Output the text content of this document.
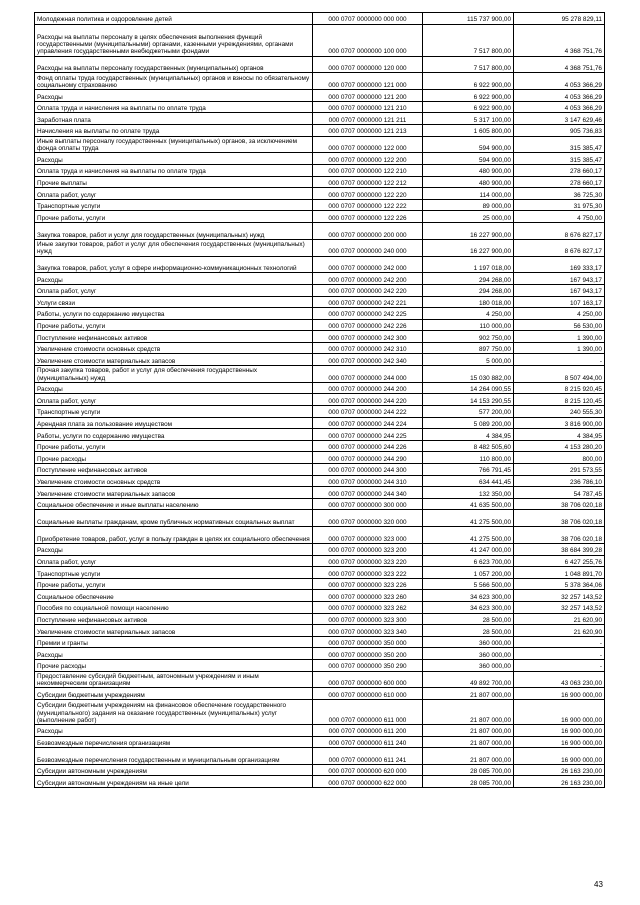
Молодежная политика и оздоровление детей	000 0707 0000000 000 000	115 737 900,00	95 278 829,11
Расходы на выплаты персоналу в целях обеспечения выполнения функций государственными (муниципальными) органами, казенными учреждениями, органами управления государственными внебюджетными фондами	000 0707 0000000 100 000	7 517 800,00	4 368 751,76
Расходы на выплаты персоналу государственных (муниципальных) органов	000 0707 0000000 120 000	7 517 800,00	4 368 751,76
Фонд оплаты труда государственных (муниципальных) органов и взносы по обязательному социальному страхованию	000 0707 0000000 121 000	6 922 900,00	4 053 366,29
Расходы	000 0707 0000000 121 200	6 922 900,00	4 053 366,29
Оплата труда и начисления на выплаты по оплате труда	000 0707 0000000 121 210	6 922 900,00	4 053 366,29
Заработная плата	000 0707 0000000 121 211	5 317 100,00	3 147 629,46
Начисления на выплаты по оплате труда	000 0707 0000000 121 213	1 605 800,00	905 736,83
Иные выплаты персоналу государственных (муниципальных) органов, за исключением фонда оплаты труда	000 0707 0000000 122 000	594 900,00	315 385,47
Расходы	000 0707 0000000 122 200	594 900,00	315 385,47
Оплата труда и начисления на выплаты по оплате труда	000 0707 0000000 122 210	480 900,00	278 660,17
Прочие выплаты	000 0707 0000000 122 212	480 900,00	278 660,17
Оплата работ, услуг	000 0707 0000000 122 220	114 000,00	36 725,30
Транспортные услуги	000 0707 0000000 122 222	89 000,00	31 975,30
Прочие работы, услуги	000 0707 0000000 122 226	25 000,00	4 750,00
Закупка товаров, работ и услуг для государственных (муниципальных) нужд	000 0707 0000000 200 000	16 227 900,00	8 676 827,17
Иные закупки товаров, работ и услуг для обеспечения государственных (муниципальных) нужд	000 0707 0000000 240 000	16 227 900,00	8 676 827,17
Закупка товаров, работ, услуг в сфере информационно-коммуникационных технологий	000 0707 0000000 242 000	1 197 018,00	169 333,17
Расходы	000 0707 0000000 242 200	294 268,00	167 943,17
Оплата работ, услуг	000 0707 0000000 242 220	294 268,00	167 943,17
Услуги связи	000 0707 0000000 242 221	180 018,00	107 163,17
Работы, услуги по содержанию имущества	000 0707 0000000 242 225	4 250,00	4 250,00
Прочие работы, услуги	000 0707 0000000 242 226	110 000,00	56 530,00
Поступление нефинансовых активов	000 0707 0000000 242 300	902 750,00	1 390,00
Увеличение стоимости основных средств	000 0707 0000000 242 310	897 750,00	1 390,00
Увеличение стоимости материальных запасов	000 0707 0000000 242 340	5 000,00	-
Прочая закупка товаров, работ и услуг для обеспечения государственных (муниципальных) нужд	000 0707 0000000 244 000	15 030 882,00	8 507 494,00
Расходы	000 0707 0000000 244 200	14 264 090,55	8 215 920,45
Оплата работ, услуг	000 0707 0000000 244 220	14 153 290,55	8 215 120,45
Транспортные услуги	000 0707 0000000 244 222	577 200,00	240 555,30
Арендная плата за пользование имуществом	000 0707 0000000 244 224	5 089 200,00	3 816 900,00
Работы, услуги по содержанию имущества	000 0707 0000000 244 225	4 384,95	4 384,95
Прочие работы, услуги	000 0707 0000000 244 226	8 482 505,60	4 153 280,20
Прочие расходы	000 0707 0000000 244 290	110 800,00	800,00
Поступление нефинансовых активов	000 0707 0000000 244 300	766 791,45	291 573,55
Увеличение стоимости основных средств	000 0707 0000000 244 310	634 441,45	236 786,10
Увеличение стоимости материальных запасов	000 0707 0000000 244 340	132 350,00	54 787,45
Социальное обеспечение и иные выплаты населению	000 0707 0000000 300 000	41 635 500,00	38 706 020,18
Социальные выплаты гражданам, кроме публичных нормативных социальных выплат	000 0707 0000000 320 000	41 275 500,00	38 706 020,18
Приобретение товаров, работ, услуг в пользу граждан в целях их социального обеспечения	000 0707 0000000 323 000	41 275 500,00	38 706 020,18
Расходы	000 0707 0000000 323 200	41 247 000,00	38 684 399,28
Оплата работ, услуг	000 0707 0000000 323 220	6 623 700,00	6 427 255,76
Транспортные услуги	000 0707 0000000 323 222	1 057 200,00	1 048 891,70
Прочие работы, услуги	000 0707 0000000 323 226	5 566 500,00	5 378 364,06
Социальное обеспечение	000 0707 0000000 323 260	34 623 300,00	32 257 143,52
Пособия по социальной помощи населению	000 0707 0000000 323 262	34 623 300,00	32 257 143,52
Поступление нефинансовых активов	000 0707 0000000 323 300	28 500,00	21 620,90
Увеличение стоимости материальных запасов	000 0707 0000000 323 340	28 500,00	21 620,90
Премии и гранты	000 0707 0000000 350 000	360 000,00	-
Расходы	000 0707 0000000 350 200	360 000,00	-
Прочие расходы	000 0707 0000000 350 290	360 000,00	-
Предоставление субсидий бюджетным, автономным учреждениям и иным некоммерческим организациям	000 0707 0000000 600 000	49 892 700,00	43 063 230,00
Субсидии бюджетным учреждениям	000 0707 0000000 610 000	21 807 000,00	16 900 000,00
Субсидии бюджетным учреждениям на финансовое обеспечение государственного (муниципального) задания на оказание государственных (муниципальных) услуг (выполнение работ)	000 0707 0000000 611 000	21 807 000,00	16 900 000,00
Расходы	000 0707 0000000 611 200	21 807 000,00	16 900 000,00
Безвозмездные перечисления организациям	000 0707 0000000 611 240	21 807 000,00	16 900 000,00
Безвозмездные перечисления государственным и муниципальным организациям	000 0707 0000000 611 241	21 807 000,00	16 900 000,00
Субсидии автономным учреждениям	000 0707 0000000 620 000	28 085 700,00	26 163 230,00
Субсидии автономным учреждениям на иные цели	000 0707 0000000 622 000	28 085 700,00	26 163 230,00
43
